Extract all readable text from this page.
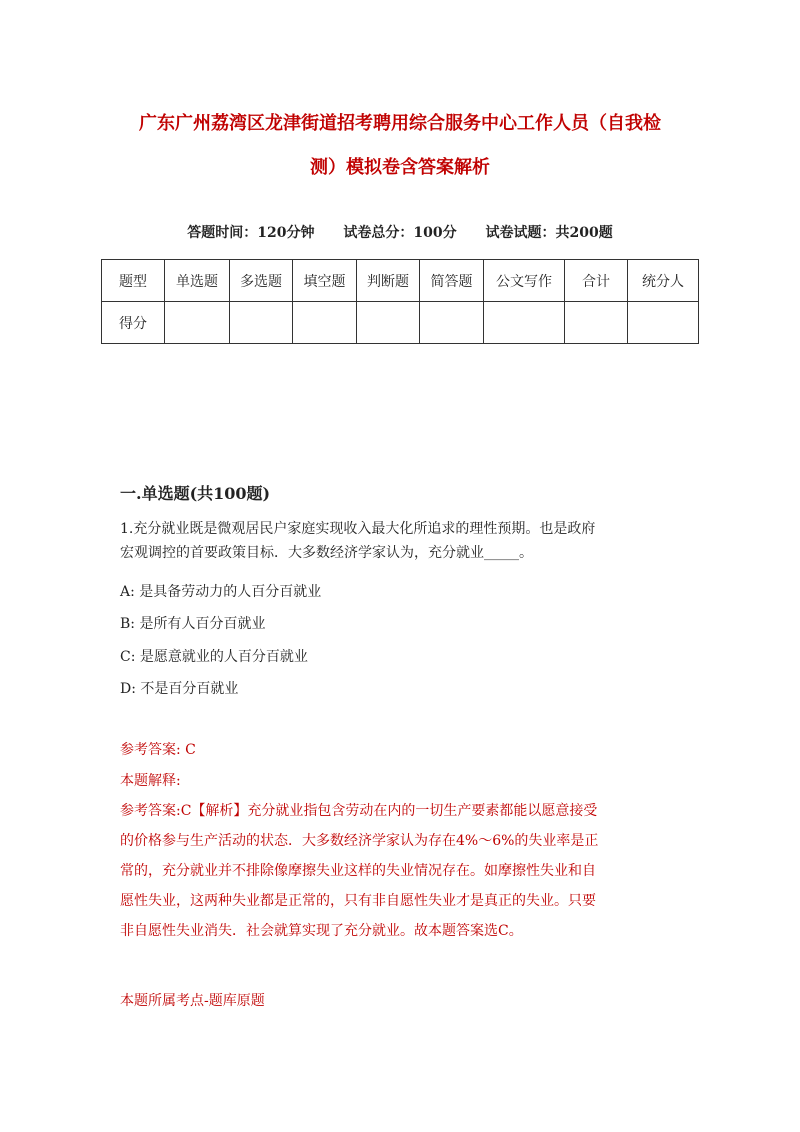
广东广州荔湾区龙津街道招考聘用综合服务中心工作人员（自我检
测）模拟卷含答案解析
答题时间：120分钟 试卷总分：100分 试卷试题：共200题
题型	单选题	多选题	填空题	判断题	简答题	公文写作	合计	统分人
得分								
一.单选题(共100题)
1.充分就业既是微观居民户家庭实现收入最大化所追求的理性预期。也是政府
宏观调控的首要政策目标．大多数经济学家认为，充分就业_____。
A: 是具备劳动力的人百分百就业
B: 是所有人百分百就业
C: 是愿意就业的人百分百就业
D: 不是百分百就业
参考答案: C
本题解释:
参考答案:C【解析】充分就业指包含劳动在内的一切生产要素都能以愿意接受
的价格参与生产活动的状态．大多数经济学家认为存在4%～6%的失业率是正
常的，充分就业并不排除像摩擦失业这样的失业情况存在。如摩擦性失业和自
愿性失业，这两种失业都是正常的，只有非自愿性失业才是真正的失业。只要
非自愿性失业消失．社会就算实现了充分就业。故本题答案选C。
本题所属考点-题库原题
